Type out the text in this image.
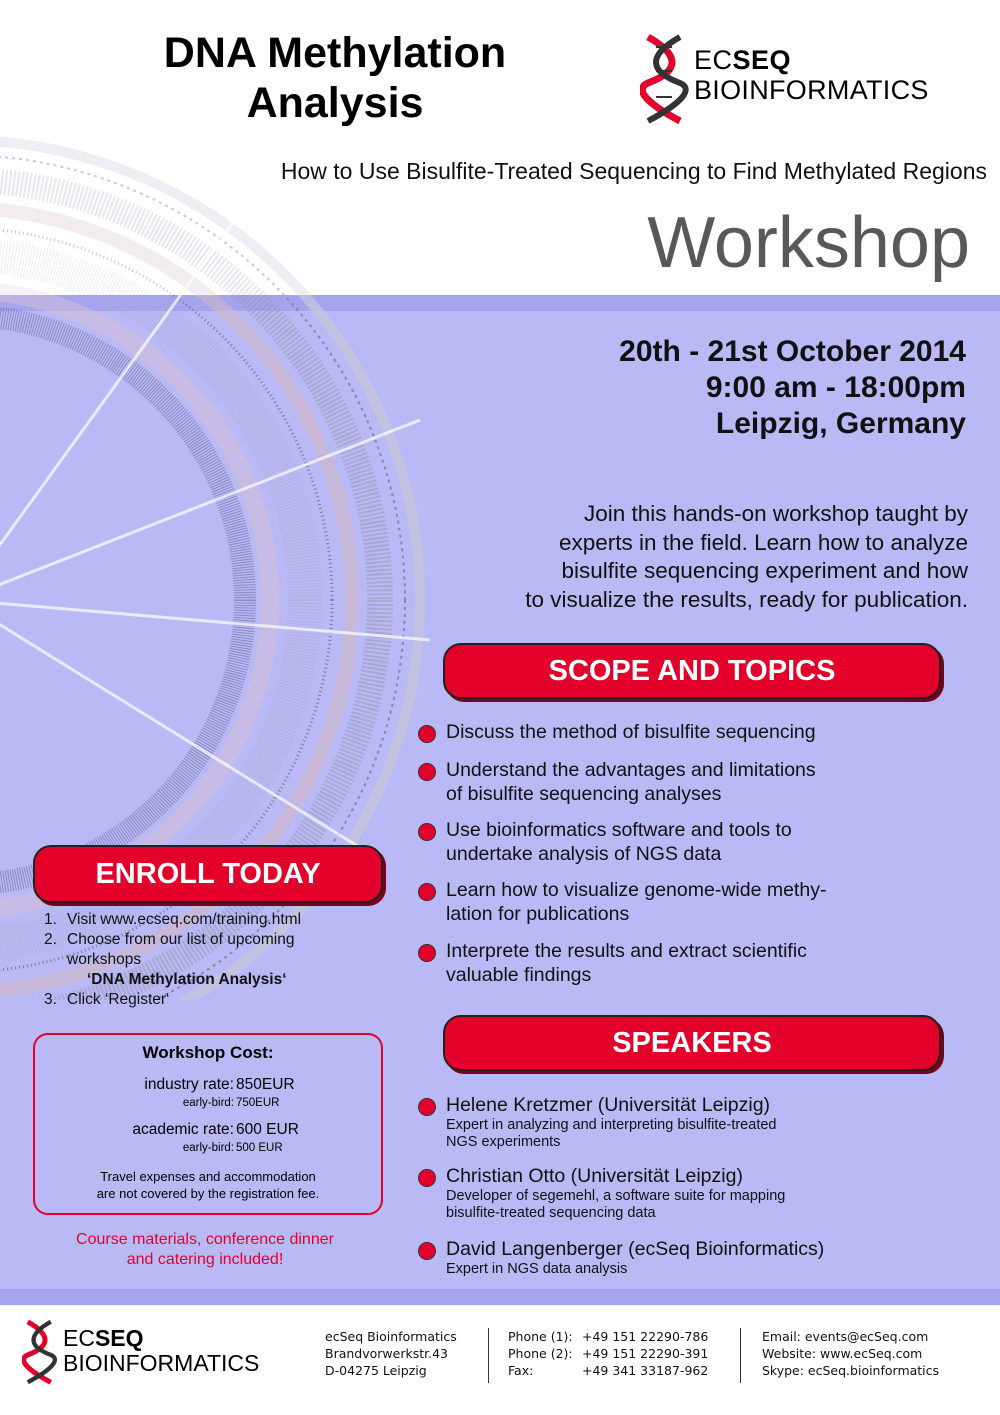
DNA Methylation
Analysis
ECSEQ
BIOINFORMATICS
How to Use Bisulfite-Treated Sequencing to Find Methylated Regions
Workshop
20th - 21st October 2014
9:00 am - 18:00pm
Leipzig, Germany
Join this hands-on workshop taught by
experts in the field. Learn how to analyze
bisulfite sequencing experiment and how
to visualize the results, ready for publication.
SCOPE AND TOPICS
Discuss the method of bisulfite sequencing
Understand the advantages and limitations
of bisulfite sequencing analyses
Use bioinformatics software and tools to
undertake analysis of NGS data
Learn how to visualize genome-wide methy-
lation for publications
Interprete the results and extract scientific
valuable findings
SPEAKERS
Helene Kretzmer (Universität Leipzig)
Expert in analyzing and interpreting bisulfite-treated
NGS experiments
Christian Otto (Universität Leipzig)
Developer of segemehl, a software suite for mapping
bisulfite-treated sequencing data
David Langenberger (ecSeq Bioinformatics)
Expert in NGS data analysis
ENROLL TODAY
1. Visit www.ecseq.com/training.html
2. Choose from our list of upcoming
workshops
‘DNA Methylation Analysis‘
3. Click ‘Register‘
Workshop Cost:
industry rate: 850EUR
early-bird: 750EUR
academic rate: 600 EUR
early-bird: 500 EUR
Travel expenses and accommodation
are not covered by the registration fee.
Course materials, conference dinner
and catering included!
ECSEQ
BIOINFORMATICS
ecSeq Bioinformatics
Brandvorwerkstr.43
D-04275 Leipzig
Phone (1): +49 151 22290-786
Phone (2): +49 151 22290-391
Fax:	+49 341 33187-962
Email: events@ecSeq.com
Website: www.ecSeq.com
Skype: ecSeq.bioinformatics
